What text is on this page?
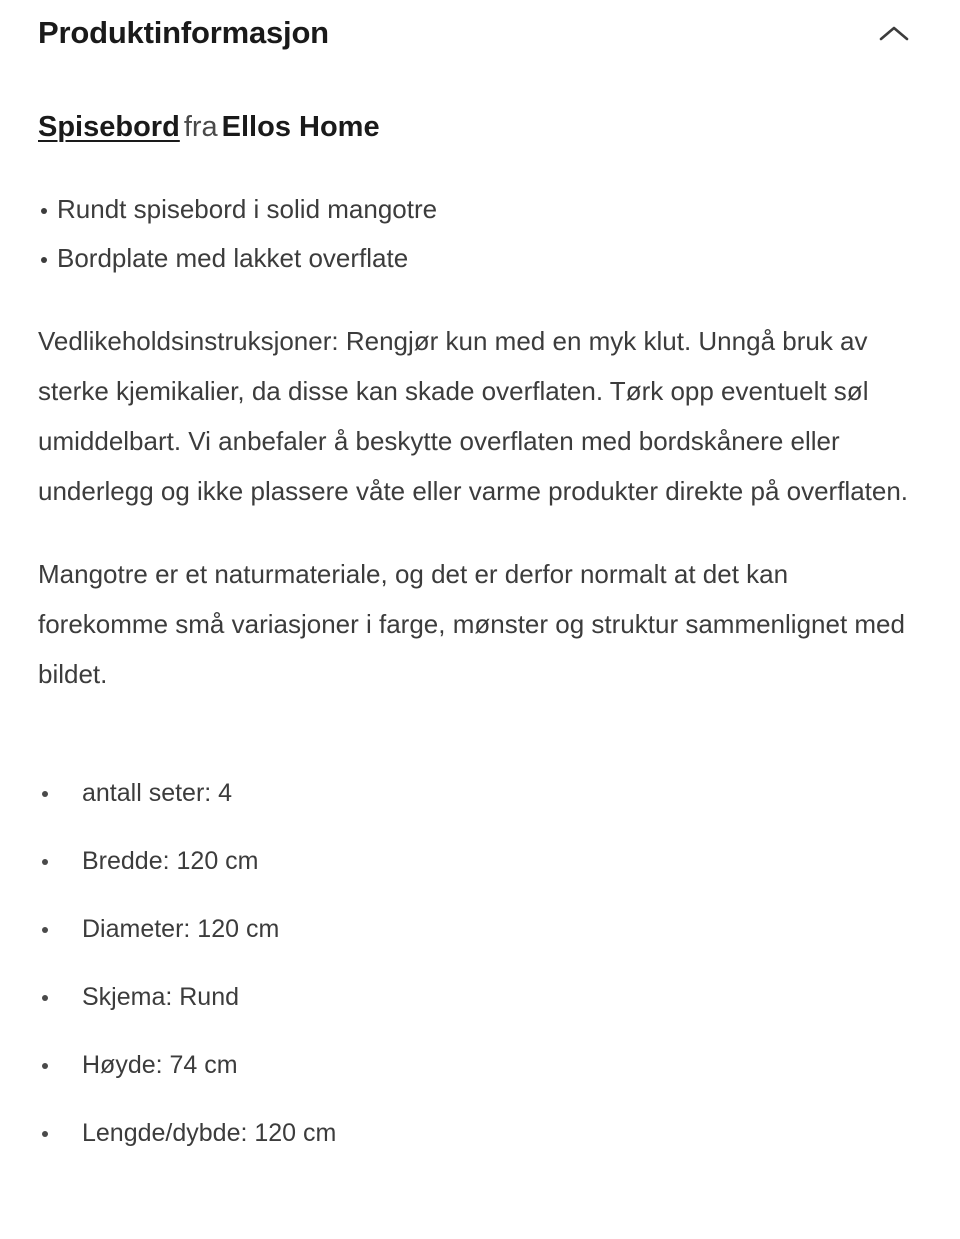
Produktinformasjon
Spisebord fra Ellos Home
Rundt spisebord i solid mangotre
Bordplate med lakket overflate

Vedlikeholdsinstruksjoner: Rengjør kun med en myk klut. Unngå bruk av sterke kjemikalier, da disse kan skade overflaten. Tørk opp eventuelt søl umiddelbart. Vi anbefaler å beskytte overflaten med bordskånere eller underlegg og ikke plassere våte eller varme produkter direkte på overflaten.

Mangotre er et naturmateriale, og det er derfor normalt at det kan forekomme små variasjoner i farge, mønster og struktur sammenlignet med bildet.

antall seter: 4
Bredde: 120 cm
Diameter: 120 cm
Skjema: Rund
Høyde: 74 cm
Lengde/dybde: 120 cm
